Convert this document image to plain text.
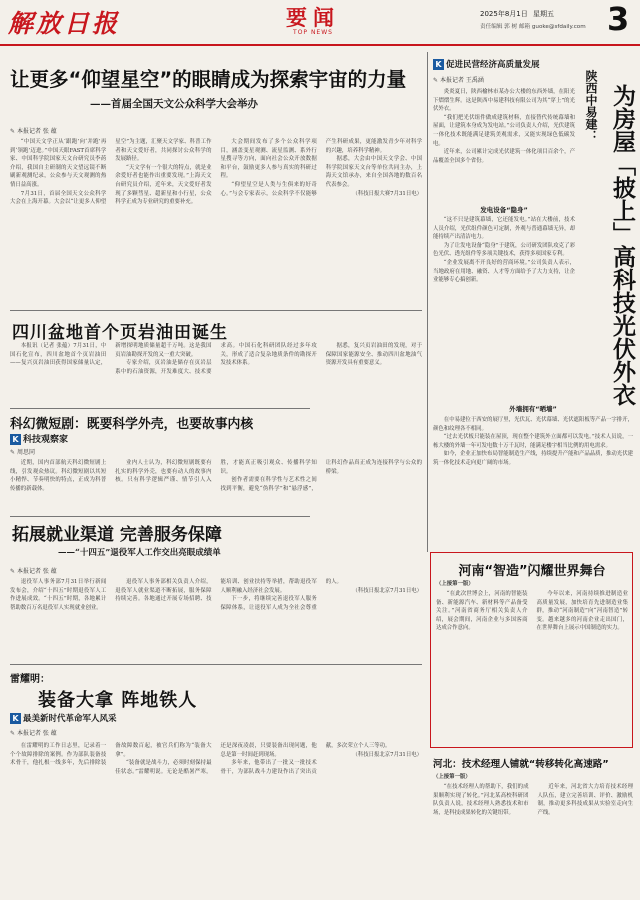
解放日报	要闻
TOP NEWS
2025年8月1日 星期五
责任编辑 郭 树 邮箱 guoke@sfdaily.com 3
让更多“仰望星空”的眼睛成为探索宇宙的力量
——首届全国天文公众科学大会举办
✎ 本报记者 张 蕴

“中国天文学正从‘跟跑’向‘并跑’再到‘领跑’迈进。”中国天眼FAST首席科学家、中国科学院国家天文台研究员李菂介绍，我国自主研制的天文望远镜不断刷新观测纪录，公众参与天文观测的热情日益高涨。

7月31日，首届全国天文公众科学大会在上海开幕。大会以“让更多人仰望星空”为主题，汇聚天文学家、科普工作者和天文爱好者，共同探讨公众科学的发展路径。

“天文学有一个很大的特点，就是业余爱好者也能作出重要发现。”上海天文台研究员介绍，近年来，天文爱好者发现了多颗彗星、超新星和小行星，公众科学正成为专业研究的重要补充。

大会期间发布了多个公众科学项目，涵盖变星观测、流星监测、系外行星搜寻等方向，面向社会公众开放数据和平台，鼓励更多人参与真实的科研过程。

“仰望星空是人类与生俱来的好奇心。”与会专家表示，公众科学不仅能够产生科研成果，更能激发青少年对科学的兴趣，培养科学精神。

据悉，大会由中国天文学会、中国科学院国家天文台等单位共同主办，上海天文馆承办，来自全国各地的数百名代表参会。

（科技日报大赛7月31日电）

K 促进民营经济高质量发展
✎ 本报记者 王禹涵
为房屋「披上」高科技光伏外衣
陕西中易建：

炎炎夏日，陕西榆林市某办公大楼的东西外墙，在阳光下熠熠生辉。这是陕西中易建科技有限公司为其“穿上”的光伏外衣。

“我们把光伏组件做成建筑材料，直接替代传统幕墙和屋面，让建筑本身成为发电站。”公司负责人介绍，光伏建筑一体化技术既能满足建筑美观需求，又能实现绿色低碳发电。

近年来，公司累计完成光伏建筑一体化项目百余个，产品覆盖全国多个省份。

发电设备“隐身”

“这不只是建筑幕墙，它还能发电。”站在大楼前，技术人员介绍，光伏组件颜色可定制，外观与普通幕墙无异，却能持续产出清洁电力。

为了让发电设备“隐身”于建筑，公司研发团队攻克了彩色光伏、透光组件等多项关键技术，获得多项国家专利。

“企业发展离不开良好的营商环境。”公司负责人表示，当地政府在用地、融资、人才等方面给予了大力支持，让企业能够专心搞创新。

外墙拥有“晒墙”

在中易建位于西安的展厅里，光伏瓦、光伏幕墙、光伏遮阳板等产品一字排开，颜色和纹理各不相同。

“过去光伏板只能装在屋顶，现在整个建筑外立面都可以发电。”技术人员说，一栋大楼的外墙一年可发电数十万千瓦时，能满足楼宇相当比例的用电需求。

如今，企业正加快布局智能制造生产线，持续提升产能和产品品质，推动光伏建筑一体化技术走向更广阔的市场。

四川盆地首个页岩油田诞生

本报讯（记者 张蕴）7月31日，中国石化宣布，四川盆地首个页岩油田——复兴页岩油田获得国家储量认定，新增探明地质储量超千万吨。这是我国页岩油勘探开发的又一重大突破。

专家介绍，页岩油是储存在页岩层系中的石油资源，开发难度大、技术要求高。中国石化科研团队经过多年攻关，形成了适合复杂地质条件的勘探开发技术体系。

据悉，复兴页岩油田的发现，对于保障国家能源安全、推动四川盆地油气资源开发具有重要意义。

科幻微短剧：既要科学外壳，也要故事内核
K 科技观察家
✎ 周思同

近期，国内首部航天科幻微短剧上线，引发观众热议。科幻微短剧以其短小精悍、节奏明快的特点，正成为科普传播的新载体。

业内人士认为，科幻微短剧既要有扎实的科学外壳，也要有动人的故事内核。只有科学逻辑严谨、情节引人入胜，才能真正吸引观众、传播科学知识。

创作者需要在科学性与艺术性之间找到平衡，避免“伪科学”和“悬浮感”，让科幻作品真正成为连接科学与公众的桥梁。

拓展就业渠道 完善服务保障
——“十四五”退役军人工作交出亮眼成绩单
✎ 本报记者 张 蕴

退役军人事务部7月31日举行新闻发布会，介绍“十四五”时期退役军人工作进展成效。“十四五”时期，各地累计帮助数百万名退役军人实现就业创业。

退役军人事务部相关负责人介绍，退役军人就业渠道不断拓展，服务保障持续完善。各地通过开展专场招聘、技能培训、创业扶持等举措，帮助退役军人顺利融入经济社会发展。

下一步，将继续完善退役军人服务保障体系，让退役军人成为全社会尊重的人。

（科技日报北京7月31日电）

雷耀明：
装备大拿 阵地铁人
K 最美新时代革命军人风采
✎ 本报记者 张 蕴

在雷耀明的工作日志里，记录着一个个故障排除的案例。作为部队装备技术骨干，他扎根一线多年，先后排除装备故障数百起，被官兵们称为“装备大拿”。

“装备就是战斗力，必须时刻保持最佳状态。”雷耀明说。无论是酷暑严寒，还是深夜凌晨，只要装备出现问题，他总是第一时间赶到现场。

多年来，他带出了一批又一批技术骨干，为部队战斗力建设作出了突出贡献，多次荣立个人三等功。

（科技日报北京7月31日电）

河南“智造”闪耀世界舞台
（上接第一版）

“在此次世博会上，河南的智能装备、新能源汽车、新材料等产品备受关注。”河南省商务厅相关负责人介绍，展会期间，河南企业与多国客商达成合作意向。

今年以来，河南持续推进制造业高质量发展，加快培育先进制造业集群，推动“河南制造”向“河南智造”转变。越来越多的河南企业走出国门，在世界舞台上展示中国制造的实力。

河北：技术经理人铺就“转移转化高速路”
（上接第一版）

“在技术经理人的帮助下，我们的成果顺利实现了转化。”河北某高校科研团队负责人说，技术经理人熟悉技术和市场，是科技成果转化的关键纽带。

近年来，河北省大力培育技术经理人队伍，建立完善培训、评价、激励机制，推动更多科技成果从实验室走向生产线。
